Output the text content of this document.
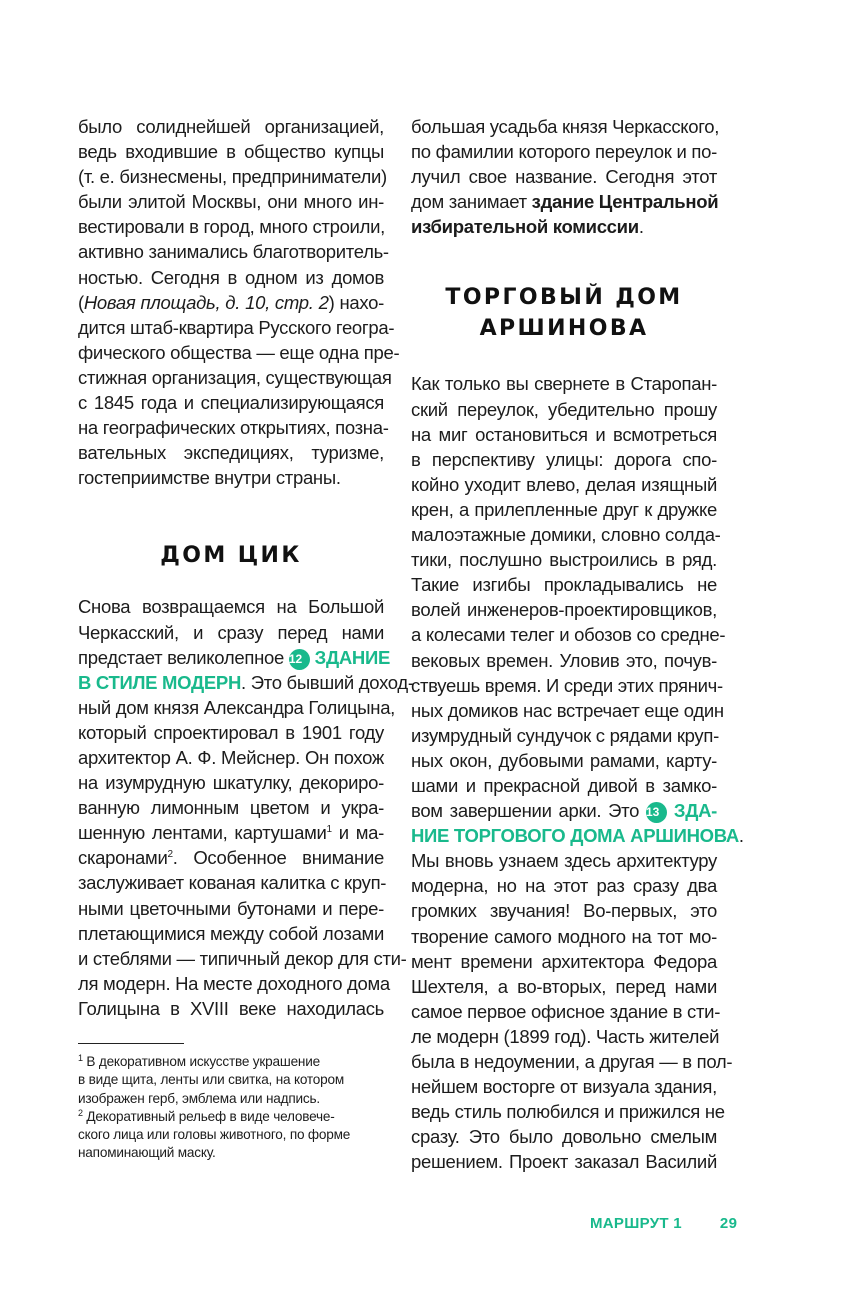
было солиднейшей организацией,
ведь входившие в общество купцы
(т. е. бизнесмены, предприниматели)
были элитой Москвы, они много ин-
вестировали в город, много строили,
активно занимались благотворитель-
ностью. Сегодня в одном из домов
(Новая площадь, д. 10, стр. 2) нахо-
дится штаб-квартира Русского геогра-
фического общества — еще одна пре-
стижная организация, существующая
с 1845 года и специализирующаяся
на географических открытиях, позна-
вательных экспедициях, туризме,
гостеприимстве внутри страны.
ДОМ ЦИК
Снова возвращаемся на Большой
Черкасский, и сразу перед нами
предстает великолепное 12 ЗДАНИЕ
В СТИЛЕ МОДЕРН. Это бывший доход-
ный дом князя Александра Голицына,
который спроектировал в 1901 году
архитектор А. Ф. Мейснер. Он похож
на изумрудную шкатулку, декориро-
ванную лимонным цветом и укра-
шенную лентами, картушами$^1$ и ма-
скаронами$^2$. Особенное внимание
заслуживает кованая калитка с круп-
ными цветочными бутонами и пере-
плетающимися между собой лозами
и стеблями — типичный декор для сти-
ля модерн. На месте доходного дома
Голицына в XVIII веке находилась
$^1$ В декоративном искусстве украшение
в виде щита, ленты или свитка, на котором
изображен герб, эмблема или надпись.
$^2$ Декоративный рельеф в виде человече-
ского лица или головы животного, по форме
напоминающий маску.
большая усадьба князя Черкасского,
по фамилии которого переулок и по-
лучил свое название. Сегодня этот
дом занимает здание Центральной
избирательной комиссии.
ТОРГОВЫЙ ДОМ
АРШИНОВА
Как только вы свернете в Старопан-
ский переулок, убедительно прошу
на миг остановиться и всмотреться
в перспективу улицы: дорога спо-
койно уходит влево, делая изящный
крен, а прилепленные друг к дружке
малоэтажные домики, словно солда-
тики, послушно выстроились в ряд.
Такие изгибы прокладывались не
волей инженеров-проектировщиков,
а колесами телег и обозов со средне-
вековых времен. Уловив это, почув-
ствуешь время. И среди этих прянич-
ных домиков нас встречает еще один
изумрудный сундучок с рядами круп-
ных окон, дубовыми рамами, карту-
шами и прекрасной дивой в замко-
вом завершении арки. Это 13 ЗДА-
НИЕ ТОРГОВОГО ДОМА АРШИНОВА.
Мы вновь узнаем здесь архитектуру
модерна, но на этот раз сразу два
громких звучания! Во-первых, это
творение самого модного на тот мо-
мент времени архитектора Федора
Шехтеля, а во-вторых, перед нами
самое первое офисное здание в сти-
ле модерн (1899 год). Часть жителей
была в недоумении, а другая — в пол-
нейшем восторге от визуала здания,
ведь стиль полюбился и прижился не
сразу. Это было довольно смелым
решением. Проект заказал Василий
МАРШРУТ 1	29
